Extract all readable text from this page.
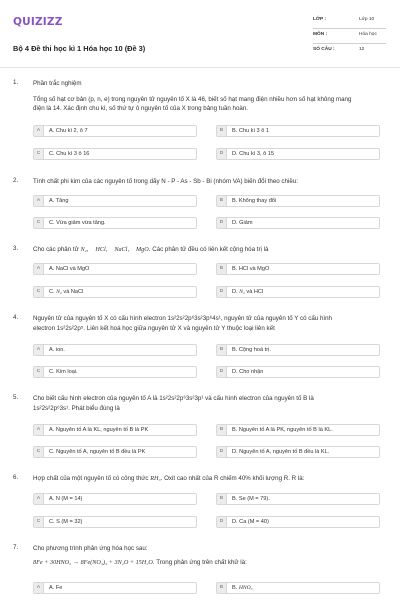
QUIZIZZ
Bộ 4 Đề thi học kì 1 Hóa học 10 (Đề 3)
LỚP :	Lớp 10
MÔN :	Hóa học
SỐ CÂU :	12
1. Phần trắc nghiệm
Tổng số hạt cơ bản (p, n, e) trong nguyên tử nguyên tố X là 46, biết số hạt mang điện nhiều hơn số hạt không mang
điện là 14. Xác định chu kì, số thứ tự ô nguyên tố của X trong bảng tuần hoàn.
A	A. Chu kì 2, ô 7	B	B. Chu kì 3 ô 1
C	C. Chu kì 3 ô 16	D	D. Chu kì 3, ô 15
2. Tính chất phi kim của các nguyên tố trong dãy N - P - As - Sb - Bi (nhóm VA) biến đổi theo chiều:
A	A. Tăng	B	B. Không thay đổi
C	C. Vừa giảm vừa tăng.	D	D. Giảm
3. Cho các phân tử N₂,    HCl,    NaCl,    MgO. Các phân tử đều có liên kết cộng hóa trị là
A	A. NaCl và MgO	B	B. HCl và MgO
C	C. N₂ và NaCl	D	D. N₂ và HCl
4. Nguyên tử của nguyên tố X có cấu hình electron 1s²2s²2p⁶3s²3p⁶4s¹, nguyên tử của nguyên tố Y có cấu hình
electron 1s²2s²2p⁵. Liên kết hoá học giữa nguyên tử X và nguyên tử Y thuộc loại liên kết
A	A. ion.	B	B. Cộng hoá trị.
C	C. Kim loại.	D	D. Cho nhận
5. Cho biết cấu hình electron của nguyên tố A là 1s²2s²2p⁶3s²3p¹ và cấu hình electron của nguyên tố B là
1s²2s²2p⁶3s¹. Phát biểu đúng là
A	A. Nguyên tố A là KL, nguyên tố B là PK	B	B. Nguyên tố A là PK, nguyên tố B là KL.
C	C. Nguyên tố A, nguyên tố B đều là PK	D	D. Nguyên tố A, nguyên tố B đều là KL.
6. Hợp chất của một nguyên tố có công thức RH₃. Oxit cao nhất của R chiếm 40% khối lượng R. R là:
A	A. N (M = 14)	B	B. Se (M = 79).
C	C. S (M = 32)	D	D. Ca (M = 40)
7. Cho phương trình phản ứng hóa học sau:
8Fe + 30HNO₃ → 8Fe(NO₃)₃ + 3N₂O + 15H₂O. Trong phản ứng trên chất khử là:
A	A. Fe	B	B. HNO₃
